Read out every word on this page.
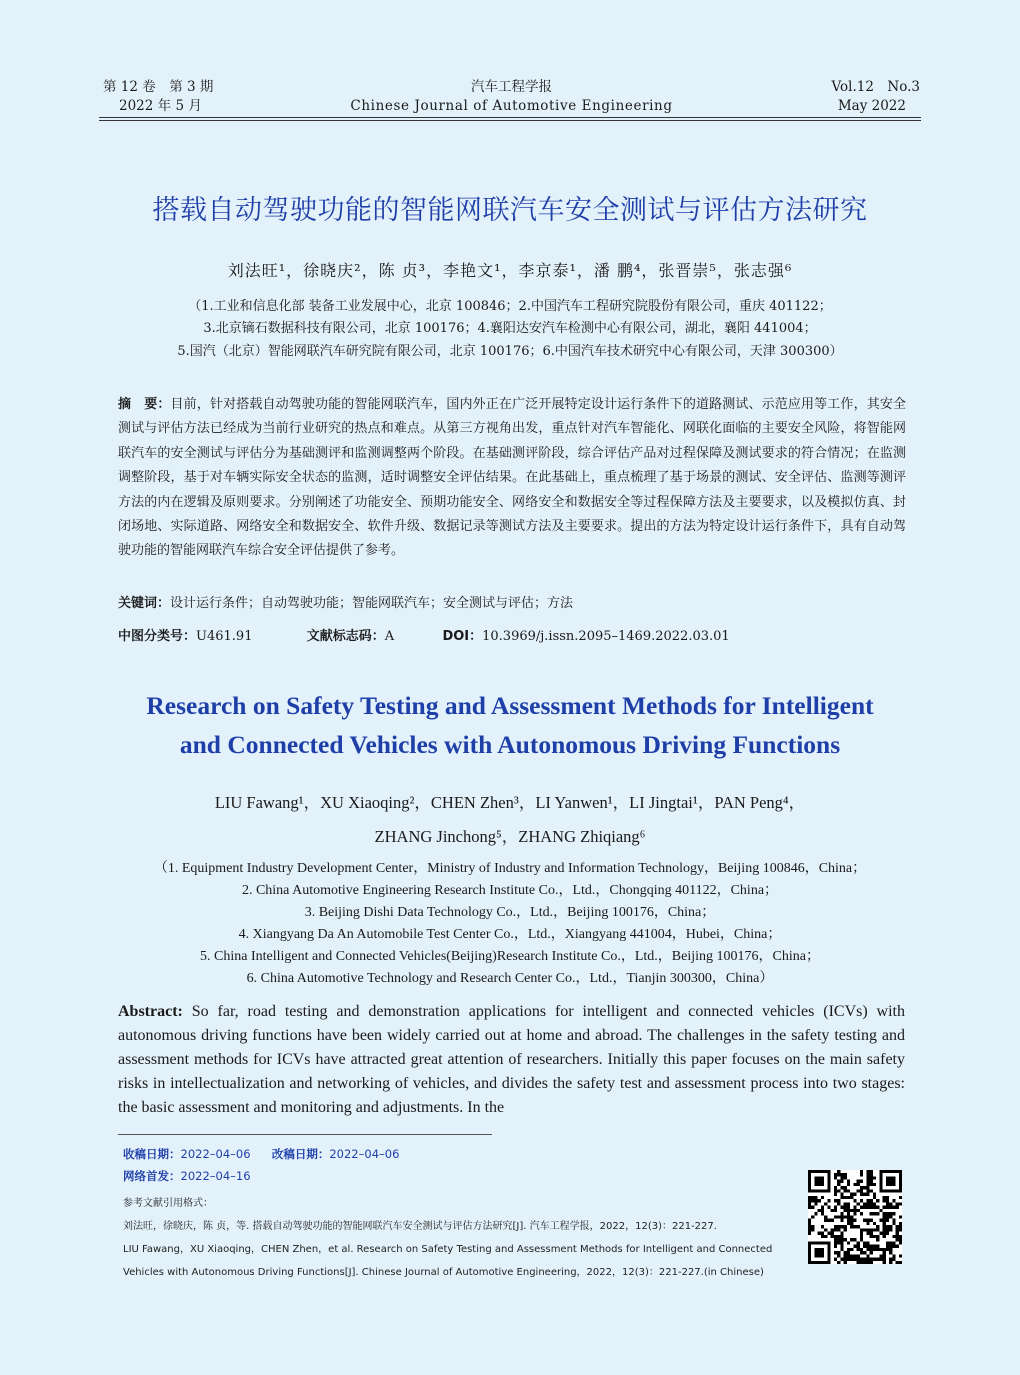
第 12 卷　第 3 期
2022 年 5 月
汽车工程学报
Chinese Journal of Automotive Engineering
Vol.12　No.3
May 2022
搭载自动驾驶功能的智能网联汽车安全测试与评估方法研究
刘法旺¹，徐晓庆²，陈 贞³，李艳文¹，李京泰¹，潘 鹏⁴，张晋崇⁵，张志强⁶
（1.工业和信息化部 装备工业发展中心，北京 100846；2.中国汽车工程研究院股份有限公司，重庆 401122；
3.北京镝石数据科技有限公司，北京 100176；4.襄阳达安汽车检测中心有限公司，湖北，襄阳 441004；
5.国汽（北京）智能网联汽车研究院有限公司，北京 100176；6.中国汽车技术研究中心有限公司，天津 300300）
摘　要：目前，针对搭载自动驾驶功能的智能网联汽车，国内外正在广泛开展特定设计运行条件下的道路测试、示范应用等工作，其安全测试与评估方法已经成为当前行业研究的热点和难点。从第三方视角出发，重点针对汽车智能化、网联化面临的主要安全风险，将智能网联汽车的安全测试与评估分为基础测评和监测调整两个阶段。在基础测评阶段，综合评估产品对过程保障及测试要求的符合情况；在监测调整阶段，基于对车辆实际安全状态的监测，适时调整安全评估结果。在此基础上，重点梳理了基于场景的测试、安全评估、监测等测评方法的内在逻辑及原则要求。分别阐述了功能安全、预期功能安全、网络安全和数据安全等过程保障方法及主要要求，以及模拟仿真、封闭场地、实际道路、网络安全和数据安全、软件升级、数据记录等测试方法及主要要求。提出的方法为特定设计运行条件下，具有自动驾驶功能的智能网联汽车综合安全评估提供了参考。
关键词：设计运行条件；自动驾驶功能；智能网联汽车；安全测试与评估；方法
中图分类号：U461.91	文献标志码：A	DOI：10.3969/j.issn.2095–1469.2022.03.01
Research on Safety Testing and Assessment Methods for Intelligent
and Connected Vehicles with Autonomous Driving Functions
LIU Fawang¹，XU Xiaoqing²，CHEN Zhen³，LI Yanwen¹，LI Jingtai¹，PAN Peng⁴，
ZHANG Jinchong⁵，ZHANG Zhiqiang⁶
（1. Equipment Industry Development Center，Ministry of Industry and Information Technology，Beijing 100846，China；
2. China Automotive Engineering Research Institute Co.，Ltd.，Chongqing 401122，China；
3. Beijing Dishi Data Technology Co.，Ltd.，Beijing 100176，China；
4. Xiangyang Da An Automobile Test Center Co.，Ltd.，Xiangyang 441004，Hubei，China；
5. China Intelligent and Connected Vehicles(Beijing)Research Institute Co.，Ltd.，Beijing 100176，China；
6. China Automotive Technology and Research Center Co.，Ltd.，Tianjin 300300，China）
Abstract: So far, road testing and demonstration applications for intelligent and connected vehicles (ICVs) with autonomous driving functions have been widely carried out at home and abroad. The challenges in the safety testing and assessment methods for ICVs have attracted great attention of researchers. Initially this paper focuses on the main safety risks in intellectualization and networking of vehicles, and divides the safety test and assessment process into two stages: the basic assessment and monitoring and adjustments. In the
收稿日期：2022–04–06 改稿日期：2022–04–06
网络首发：2022–04–16
参考文献引用格式：
刘法旺，徐晓庆，陈 贞，等. 搭载自动驾驶功能的智能网联汽车安全测试与评估方法研究[J]. 汽车工程学报，2022，12(3)：221-227.
LIU Fawang，XU Xiaoqing，CHEN Zhen，et al. Research on Safety Testing and Assessment Methods for Intelligent and Connected
Vehicles with Autonomous Driving Functions[J]. Chinese Journal of Automotive Engineering，2022，12(3)：221-227.(in Chinese)
